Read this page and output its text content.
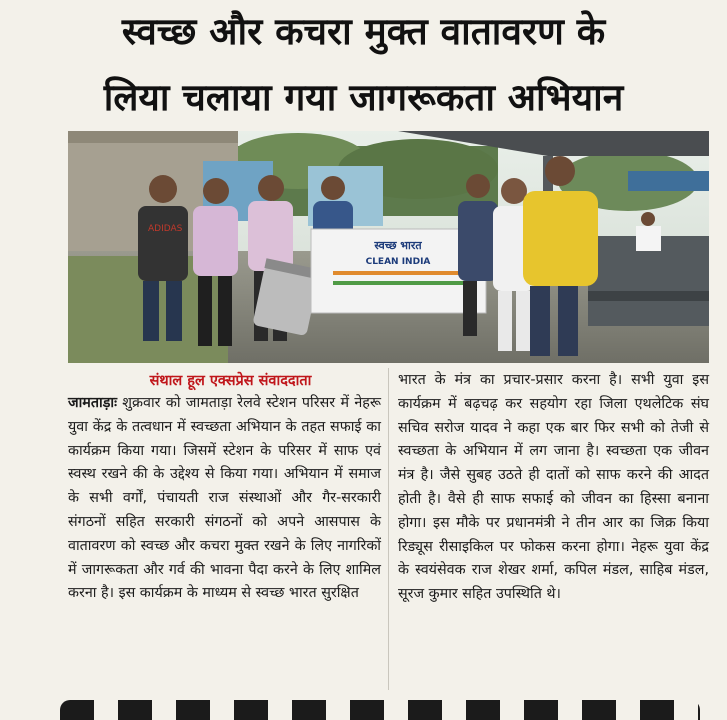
स्वच्छ और कचरा मुक्त वातावरण के
लिया चलाया गया जागरूकता अभियान
ADIDAS
स्वच्छ भारत
CLEAN INDIA
संथाल हूल एक्सप्रेस संवाददाता

जामताड़ाः शुक्रवार को जामताड़ा रेलवे स्टेशन परिसर में नेहरू युवा केंद्र के तत्वधान में स्वच्छता अभियान के तहत सफाई का कार्यक्रम किया गया। जिसमें स्टेशन के परिसर में साफ एवं स्वस्थ रखने की के उद्देश्य से किया गया। अभियान में समाज के सभी वर्गों, पंचायती राज संस्थाओं और गैर-सरकारी संगठनों सहित सरकारी संगठनों को अपने आसपास के वातावरण को स्वच्छ और कचरा मुक्त रखने के लिए नागरिकों में जागरूकता और गर्व की भावना पैदा करने के लिए शामिल करना है। इस कार्यक्रम के माध्यम से स्वच्छ भारत सुरक्षित

भारत के मंत्र का प्रचार-प्रसार करना है। सभी युवा इस कार्यक्रम में बढ़चढ़ कर सहयोग रहा जिला एथलेटिक संघ सचिव सरोज यादव ने कहा एक बार फिर सभी को तेजी से स्वच्छता के अभियान में लग जाना है। स्वच्छता एक जीवन मंत्र है। जैसे सुबह उठते ही दातों को साफ करने की आदत होती है। वैसे ही साफ सफाई को जीवन का हिस्सा बनाना होगा। इस मौके पर प्रधानमंत्री ने तीन आर का जिक्र किया रिड्यूस रीसाइकिल पर फोकस करना होगा। नेहरू युवा केंद्र के स्वयंसेवक राज शेखर शर्मा, कपिल मंडल, साहिब मंडल, सूरज कुमार सहित उपस्थिति थे।
